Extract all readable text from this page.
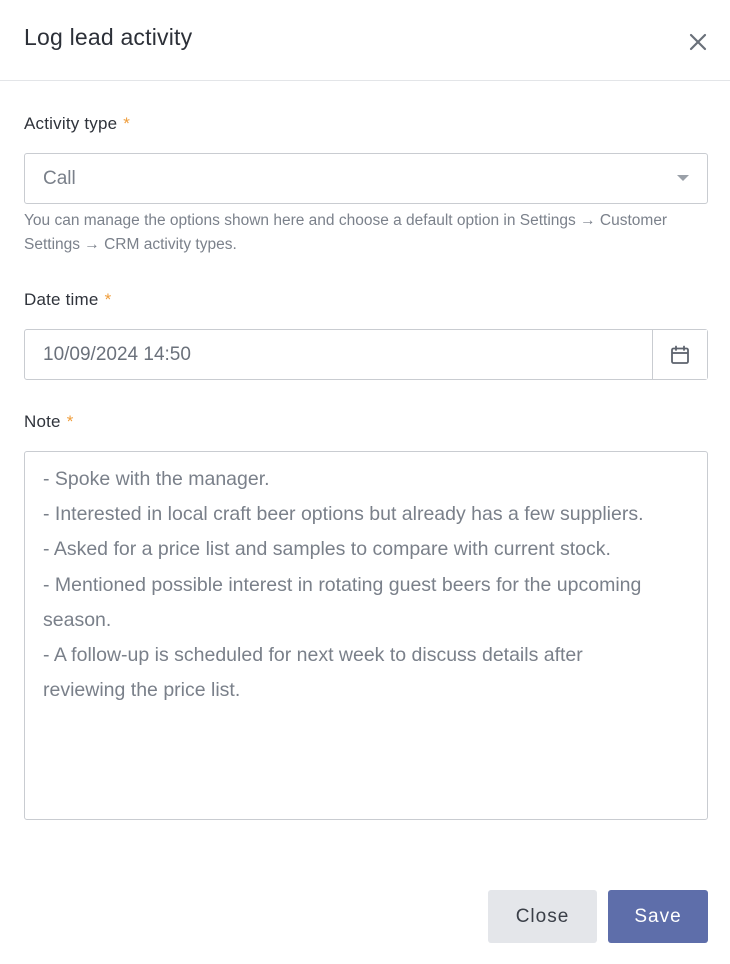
Log lead activity
Activity type *
Call
You can manage the options shown here and choose a default option in Settings → Customer Settings → CRM activity types.
Date time *
10/09/2024 14:50
Note *
- Spoke with the manager.
- Interested in local craft beer options but already has a few suppliers.
- Asked for a price list and samples to compare with current stock.
- Mentioned possible interest in rotating guest beers for the upcoming
season.
- A follow-up is scheduled for next week to discuss details after
reviewing the price list.
Close	Save
